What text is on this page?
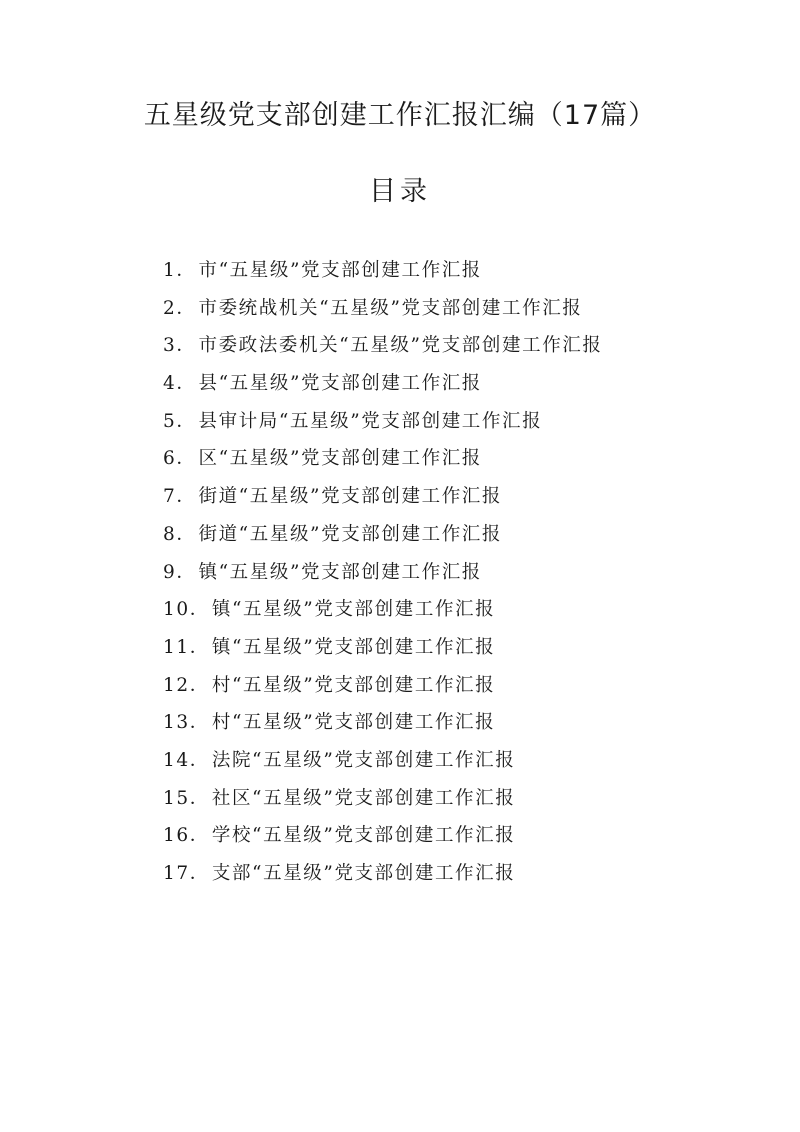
五星级党支部创建工作汇报汇编（17篇）
目录
1． 市“五星级”党支部创建工作汇报
2． 市委统战机关“五星级”党支部创建工作汇报
3． 市委政法委机关“五星级”党支部创建工作汇报
4． 县“五星级”党支部创建工作汇报
5． 县审计局“五星级”党支部创建工作汇报
6． 区“五星级”党支部创建工作汇报
7． 街道“五星级”党支部创建工作汇报
8． 街道“五星级”党支部创建工作汇报
9． 镇“五星级”党支部创建工作汇报
10． 镇“五星级”党支部创建工作汇报
11． 镇“五星级”党支部创建工作汇报
12． 村“五星级”党支部创建工作汇报
13． 村“五星级”党支部创建工作汇报
14． 法院“五星级”党支部创建工作汇报
15． 社区“五星级”党支部创建工作汇报
16． 学校“五星级”党支部创建工作汇报
17． 支部“五星级”党支部创建工作汇报
